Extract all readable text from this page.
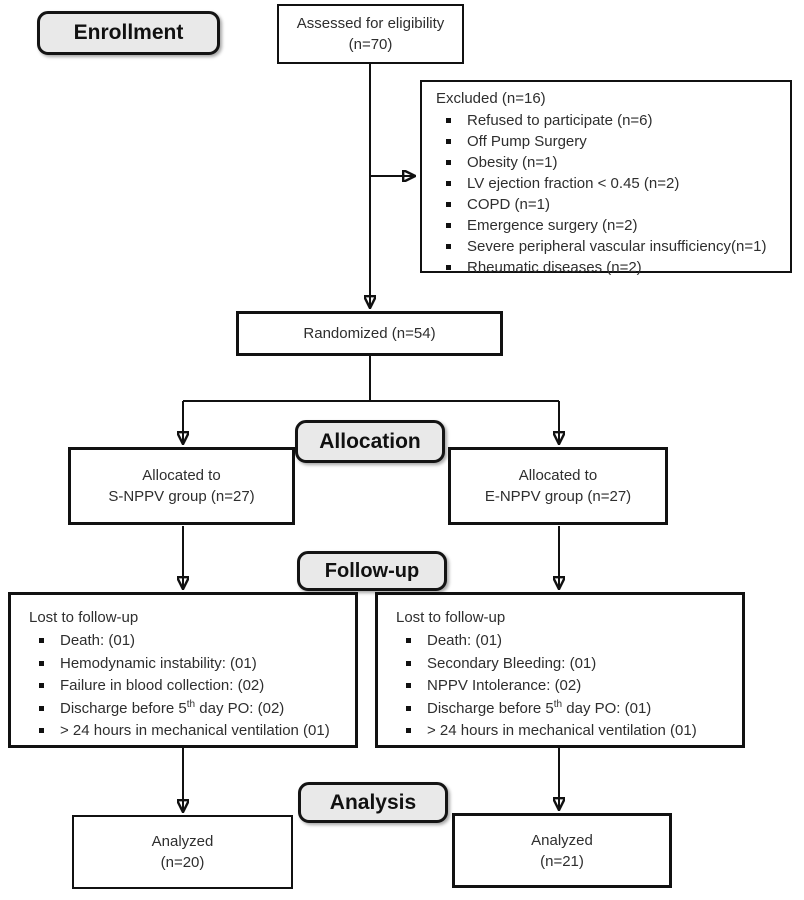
Enrollment	Assessed for eligibility
(n=70)
Excluded (n=16)
Refused to participate (n=6)
Off Pump Surgery
Obesity (n=1)
LV ejection fraction < 0.45 (n=2)
COPD (n=1)
Emergence surgery (n=2)
Severe peripheral vascular insufficiency(n=1)
Rheumatic diseases (n=2)
Randomized (n=54)
Allocation
Allocated to
S-NPPV group (n=27)
Allocated to
E-NPPV group (n=27)
Follow-up
Lost to follow-up
Death: (01)
Hemodynamic instability: (01)
Failure in blood collection: (02)
Discharge before 5th day PO: (02)
> 24 hours in mechanical ventilation (01)
Lost to follow-up
Death: (01)
Secondary Bleeding: (01)
NPPV Intolerance: (02)
Discharge before 5th day PO: (01)
> 24 hours in mechanical ventilation (01)
Analysis
Analyzed
(n=20)
Analyzed
(n=21)
